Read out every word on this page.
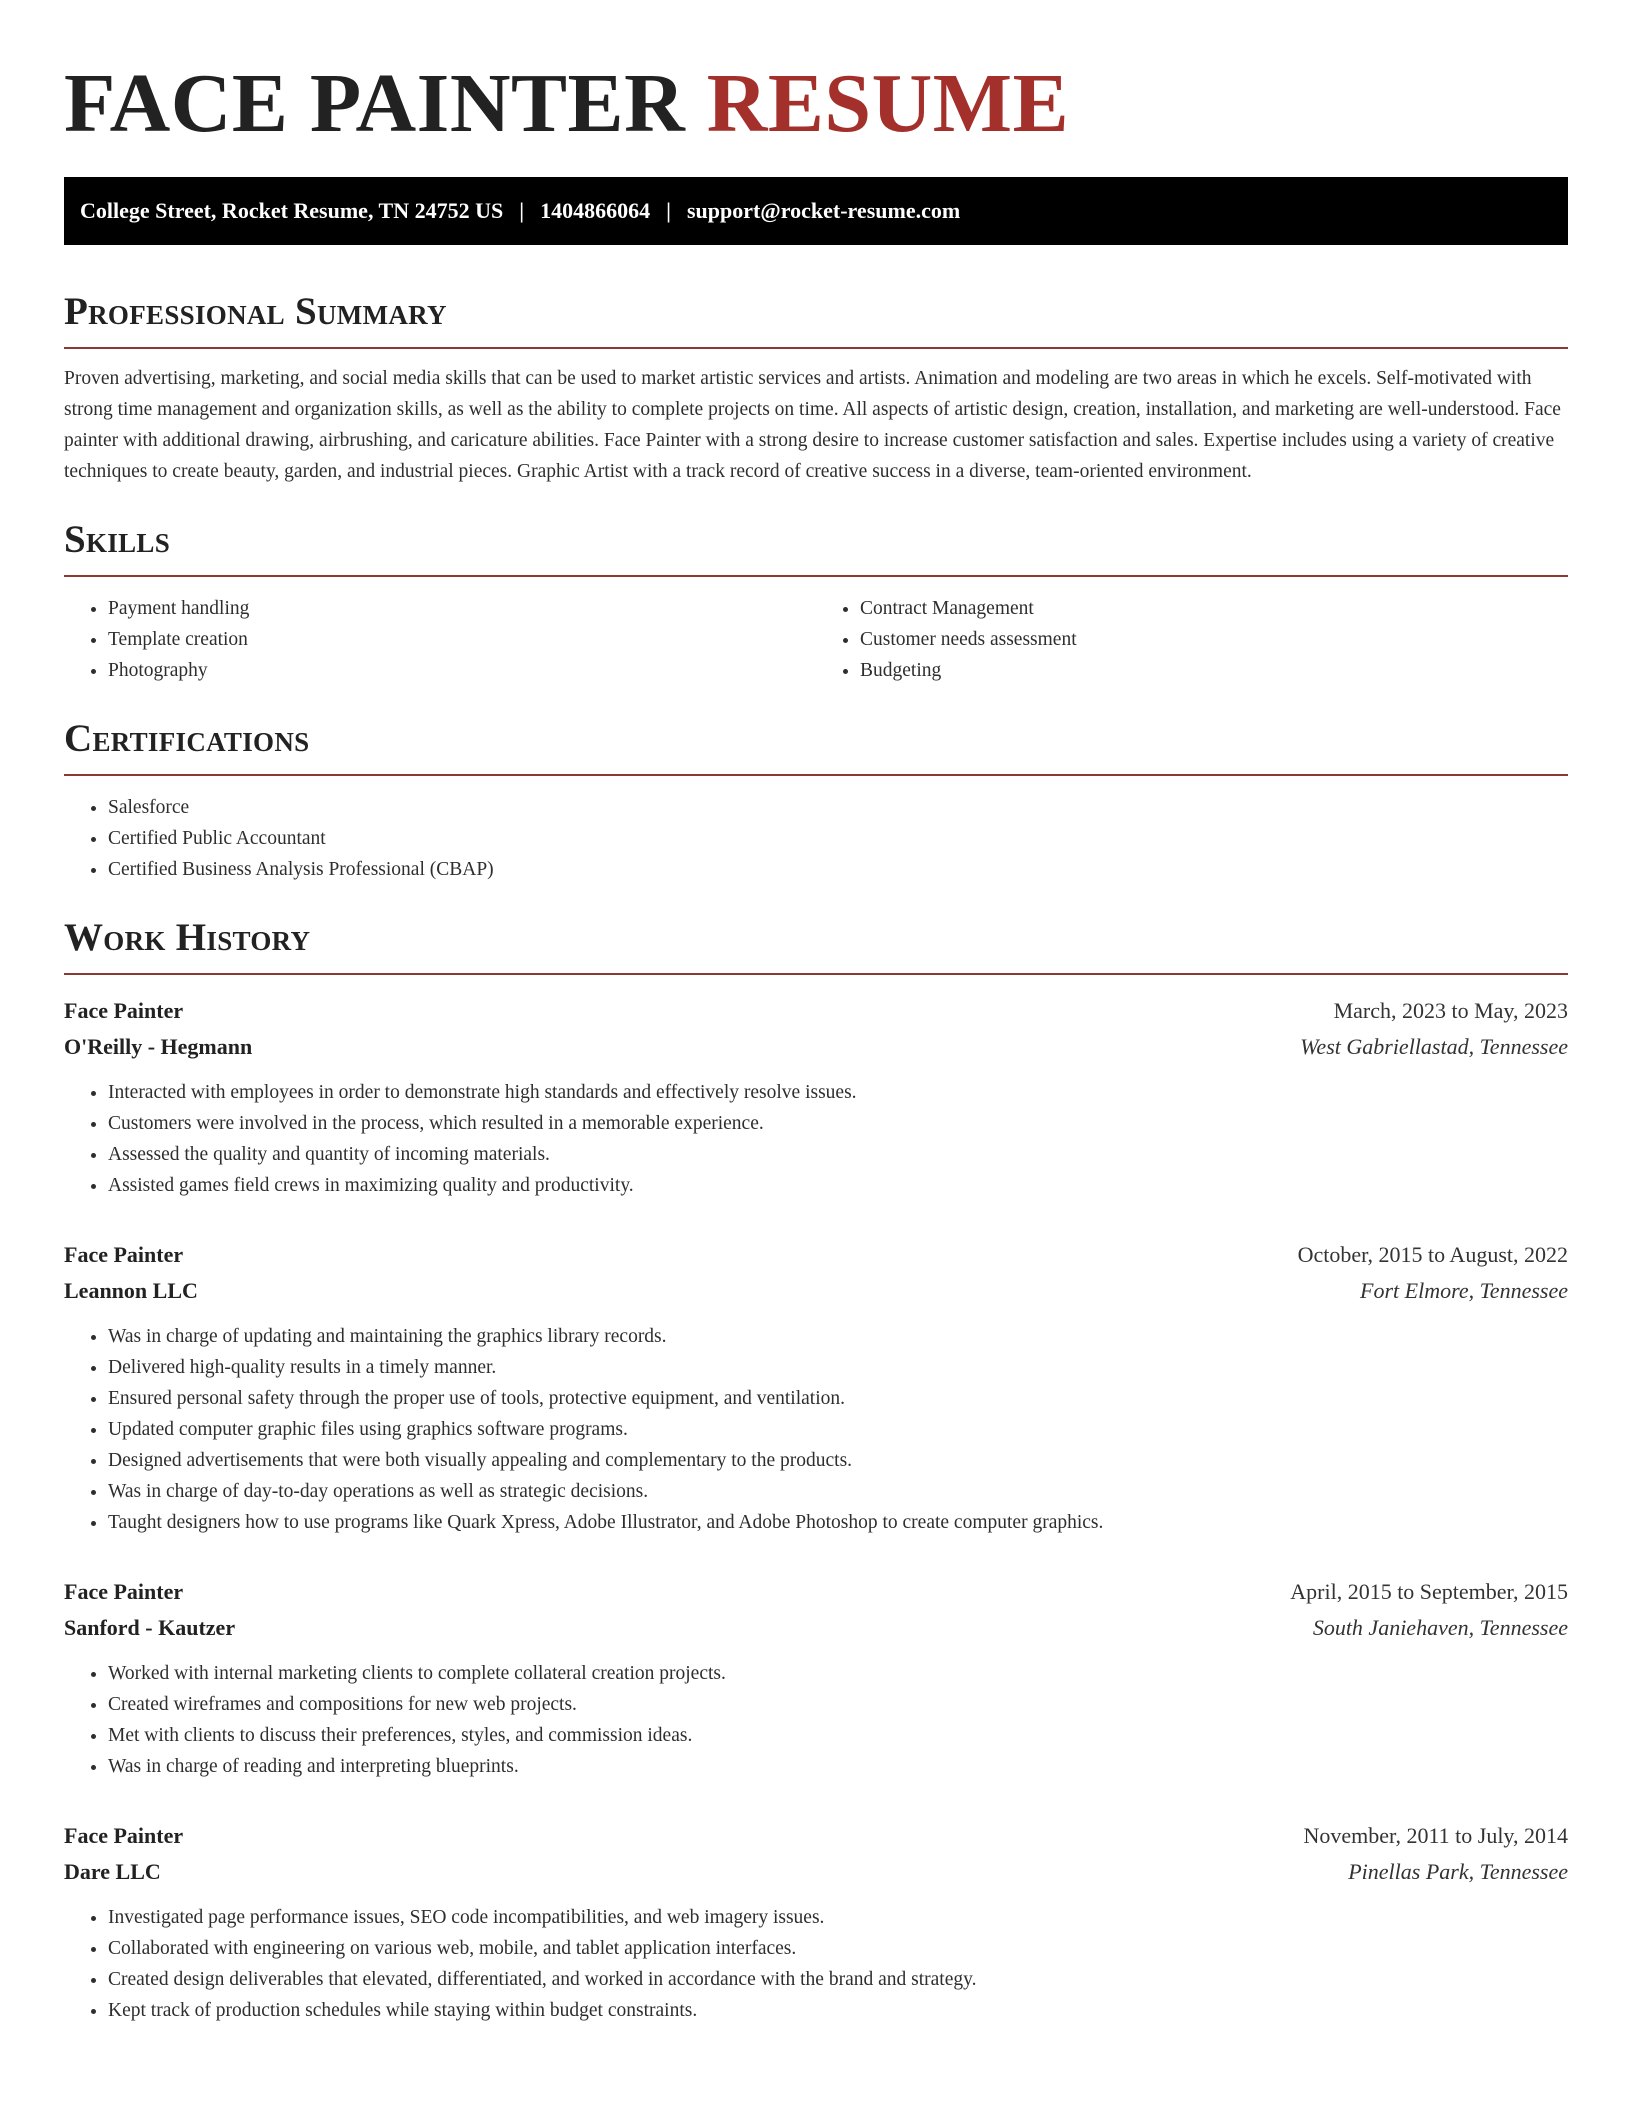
FACE PAINTER RESUME
College Street, Rocket Resume, TN 24752 US | 1404866064 | support@rocket-resume.com
Professional Summary

Proven advertising, marketing, and social media skills that can be used to market artistic services and artists. Animation and modeling are two areas in which he excels. Self-motivated with strong time management and organization skills, as well as the ability to complete projects on time. All aspects of artistic design, creation, installation, and marketing are well-understood. Face painter with additional drawing, airbrushing, and caricature abilities. Face Painter with a strong desire to increase customer satisfaction and sales. Expertise includes using a variety of creative techniques to create beauty, garden, and industrial pieces. Graphic Artist with a track record of creative success in a diverse, team-oriented environment.

Skills
• Payment handling
• Template creation
• Photography
• Contract Management
• Customer needs assessment
• Budgeting
Certifications
• Salesforce
• Certified Public Accountant
• Certified Business Analysis Professional (CBAP)
Work History
Face Painter	March, 2023 to May, 2023
O'Reilly - Hegmann	West Gabriellastad, Tennessee
• Interacted with employees in order to demonstrate high standards and effectively resolve issues.
• Customers were involved in the process, which resulted in a memorable experience.
• Assessed the quality and quantity of incoming materials.
• Assisted games field crews in maximizing quality and productivity.
Face Painter	October, 2015 to August, 2022
Leannon LLC	Fort Elmore, Tennessee
• Was in charge of updating and maintaining the graphics library records.
• Delivered high-quality results in a timely manner.
• Ensured personal safety through the proper use of tools, protective equipment, and ventilation.
• Updated computer graphic files using graphics software programs.
• Designed advertisements that were both visually appealing and complementary to the products.
• Was in charge of day-to-day operations as well as strategic decisions.
• Taught designers how to use programs like Quark Xpress, Adobe Illustrator, and Adobe Photoshop to create computer graphics.
Face Painter	April, 2015 to September, 2015
Sanford - Kautzer	South Janiehaven, Tennessee
• Worked with internal marketing clients to complete collateral creation projects.
• Created wireframes and compositions for new web projects.
• Met with clients to discuss their preferences, styles, and commission ideas.
• Was in charge of reading and interpreting blueprints.
Face Painter	November, 2011 to July, 2014
Dare LLC	Pinellas Park, Tennessee
• Investigated page performance issues, SEO code incompatibilities, and web imagery issues.
• Collaborated with engineering on various web, mobile, and tablet application interfaces.
• Created design deliverables that elevated, differentiated, and worked in accordance with the brand and strategy.
• Kept track of production schedules while staying within budget constraints.
